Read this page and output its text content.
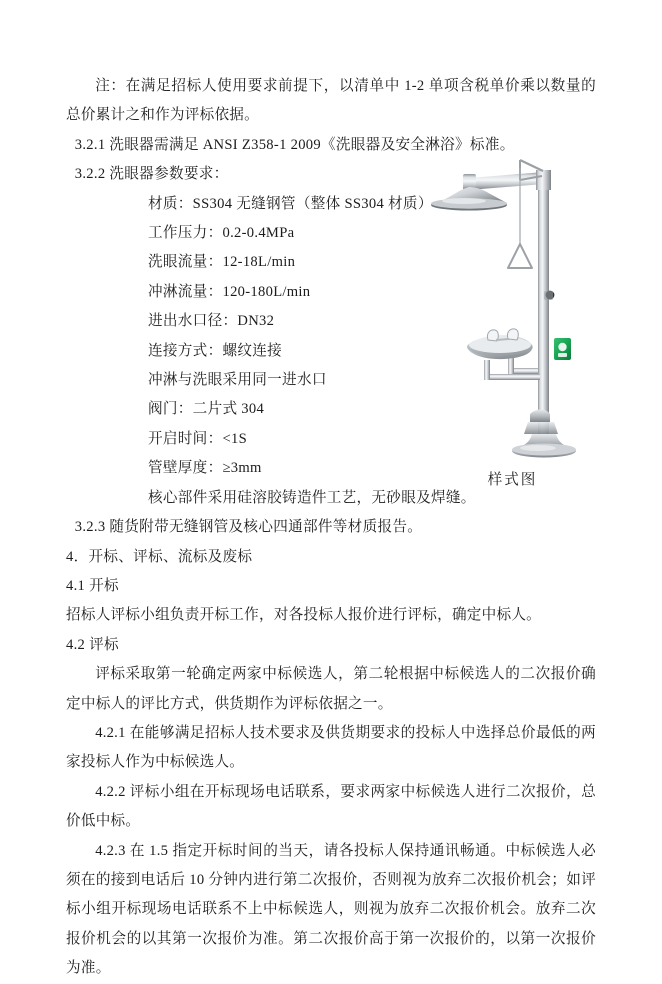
样式图

注：在满足招标人使用要求前提下，以清单中 1-2 单项含税单价乘以数量的总价累计之和作为评标依据。

3.2.1 洗眼器需满足 ANSI Z358-1 2009《洗眼器及安全淋浴》标准。

3.2.2 洗眼器参数要求：

材质：SS304 无缝钢管（整体 SS304 材质）
工作压力：0.2-0.4MPa
洗眼流量：12-18L/min
冲淋流量：120-180L/min
进出水口径：DN32
连接方式：螺纹连接
冲淋与洗眼采用同一进水口
阀门：二片式 304
开启时间：<1S
管壁厚度：≥3mm
核心部件采用硅溶胶铸造件工艺，无砂眼及焊缝。

3.2.3 随货附带无缝钢管及核心四通部件等材质报告。

4．开标、评标、流标及废标

4.1 开标

招标人评标小组负责开标工作，对各投标人报价进行评标，确定中标人。

4.2 评标

评标采取第一轮确定两家中标候选人，第二轮根据中标候选人的二次报价确定中标人的评比方式，供货期作为评标依据之一。

4.2.1 在能够满足招标人技术要求及供货期要求的投标人中选择总价最低的两家投标人作为中标候选人。

4.2.2 评标小组在开标现场电话联系，要求两家中标候选人进行二次报价，总价低中标。

4.2.3 在 1.5 指定开标时间的当天，请各投标人保持通讯畅通。中标候选人必须在的接到电话后 10 分钟内进行第二次报价，否则视为放弃二次报价机会；如评标小组开标现场电话联系不上中标候选人，则视为放弃二次报价机会。放弃二次报价机会的以其第一次报价为准。第二次报价高于第一次报价的，以第一次报价为准。
